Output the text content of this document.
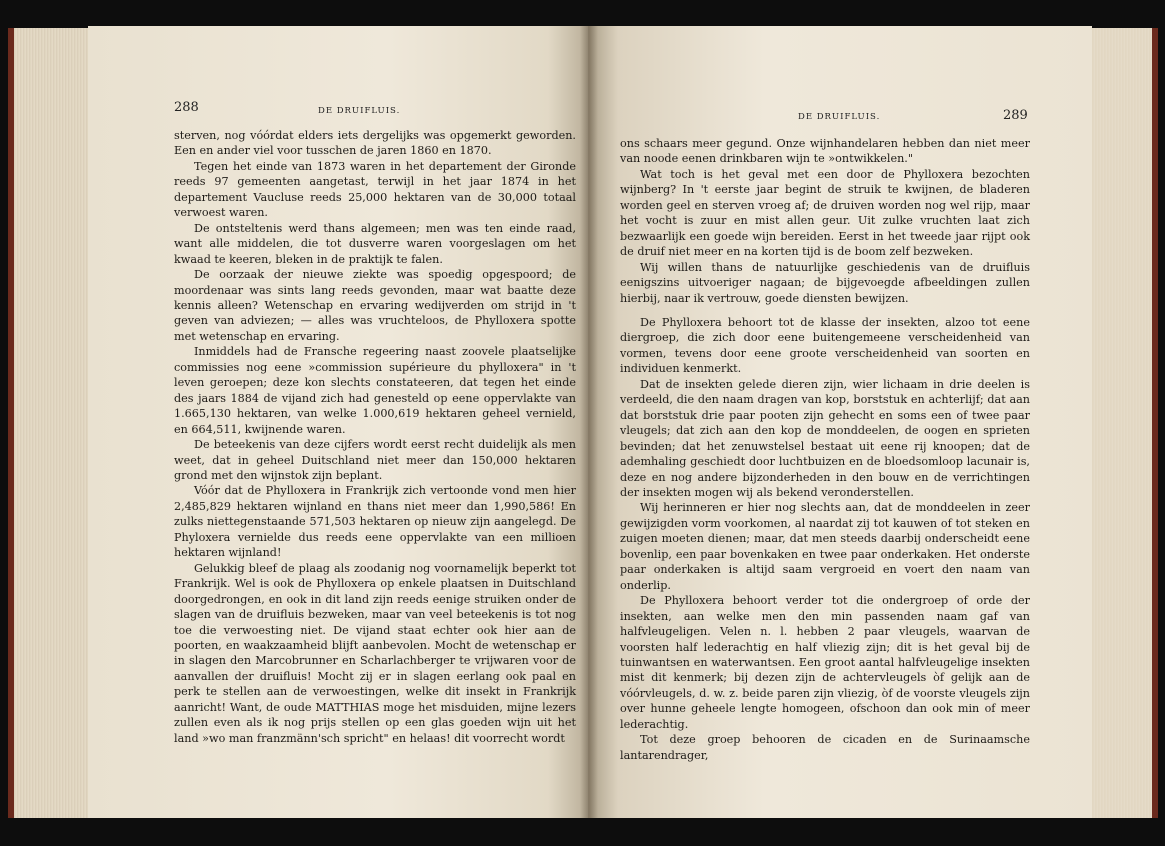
288	DE DRUIFLUIS.

sterven, nog vóórdat elders iets dergelijks was opgemerkt geworden. Een en ander viel voor tusschen de jaren 1860 en 1870.

Tegen het einde van 1873 waren in het departement der Gironde reeds 97 gemeenten aangetast, terwijl in het jaar 1874 in het departement Vaucluse reeds 25,000 hektaren van de 30,000 totaal verwoest waren.

De ontsteltenis werd thans algemeen; men was ten einde raad, want alle middelen, die tot dusverre waren voorgeslagen om het kwaad te keeren, bleken in de praktijk te falen.

De oorzaak der nieuwe ziekte was spoedig opgespoord; de moordenaar was sints lang reeds gevonden, maar wat baatte deze kennis alleen? Wetenschap en ervaring wedijverden om strijd in 't geven van adviezen; — alles was vruchteloos, de Phylloxera spotte met wetenschap en ervaring.

Inmiddels had de Fransche regeering naast zoovele plaatselijke commissies nog eene »commission supérieure du phylloxera" in 't leven geroepen; deze kon slechts constateeren, dat tegen het einde des jaars 1884 de vijand zich had genesteld op eene oppervlakte van 1.665,130 hektaren, van welke 1.000,619 hektaren geheel vernield, en 664,511, kwijnende waren.

De beteekenis van deze cijfers wordt eerst recht duidelijk als men weet, dat in geheel Duitschland niet meer dan 150,000 hektaren grond met den wijnstok zijn beplant.

Vóór dat de Phylloxera in Frankrijk zich vertoonde vond men hier 2,485,829 hektaren wijnland en thans niet meer dan 1,990,586! En zulks niettegenstaande 571,503 hektaren op nieuw zijn aangelegd. De Phyloxera vernielde dus reeds eene oppervlakte van een millioen hektaren wijnland!

Gelukkig bleef de plaag als zoodanig nog voornamelijk beperkt tot Frankrijk. Wel is ook de Phylloxera op enkele plaatsen in Duitschland doorgedrongen, en ook in dit land zijn reeds eenige struiken onder de slagen van de druifluis bezweken, maar van veel beteekenis is tot nog toe die verwoesting niet. De vijand staat echter ook hier aan de poorten, en waakzaamheid blijft aanbevolen. Mocht de wetenschap er in slagen den Marcobrunner en Scharlachberger te vrijwaren voor de aanvallen der druifluis! Mocht zij er in slagen eerlang ook paal en perk te stellen aan de verwoestingen, welke dit insekt in Frankrijk aanricht! Want, de oude MATTHIAS moge het misduiden, mijne lezers zullen even als ik nog prijs stellen op een glas goeden wijn uit het land »wo man franzmänn'sch spricht" en helaas! dit voorrecht wordt

DE DRUIFLUIS.	289

ons schaars meer gegund. Onze wijnhandelaren hebben dan niet meer van noode eenen drinkbaren wijn te »ontwikkelen."

Wat toch is het geval met een door de Phylloxera bezochten wijnberg? In 't eerste jaar begint de struik te kwijnen, de bladeren worden geel en sterven vroeg af; de druiven worden nog wel rijp, maar het vocht is zuur en mist allen geur. Uit zulke vruchten laat zich bezwaarlijk een goede wijn bereiden. Eerst in het tweede jaar rijpt ook de druif niet meer en na korten tijd is de boom zelf bezweken.

Wij willen thans de natuurlijke geschiedenis van de druifluis eenigszins uitvoeriger nagaan; de bijgevoegde afbeeldingen zullen hierbij, naar ik vertrouw, goede diensten bewijzen.

De Phylloxera behoort tot de klasse der insekten, alzoo tot eene diergroep, die zich door eene buitengemeene verscheidenheid van vormen, tevens door eene groote verscheidenheid van soorten en individuen kenmerkt.

Dat de insekten gelede dieren zijn, wier lichaam in drie deelen is verdeeld, die den naam dragen van kop, borststuk en achterlijf; dat aan dat borststuk drie paar pooten zijn gehecht en soms een of twee paar vleugels; dat zich aan den kop de monddeelen, de oogen en sprieten bevinden; dat het zenuwstelsel bestaat uit eene rij knoopen; dat de ademhaling geschiedt door luchtbuizen en de bloedsomloop lacunair is, deze en nog andere bijzonderheden in den bouw en de verrichtingen der insekten mogen wij als bekend veronderstellen.

Wij herinneren er hier nog slechts aan, dat de monddeelen in zeer gewijzigden vorm voorkomen, al naardat zij tot kauwen of tot steken en zuigen moeten dienen; maar, dat men steeds daarbij onderscheidt eene bovenlip, een paar bovenkaken en twee paar onderkaken. Het onderste paar onderkaken is altijd saam vergroeid en voert den naam van onderlip.

De Phylloxera behoort verder tot die ondergroep of orde der insekten, aan welke men den min passenden naam gaf van halfvleugeligen. Velen n. l. hebben 2 paar vleugels, waarvan de voorsten half lederachtig en half vliezig zijn; dit is het geval bij de tuinwantsen en waterwantsen. Een groot aantal halfvleugelige insekten mist dit kenmerk; bij dezen zijn de achtervleugels òf gelijk aan de vóórvleugels, d. w. z. beide paren zijn vliezig, òf de voorste vleugels zijn over hunne geheele lengte homogeen, ofschoon dan ook min of meer lederachtig.

Tot deze groep behooren de cicaden en de Surinaamsche lantarendrager,
